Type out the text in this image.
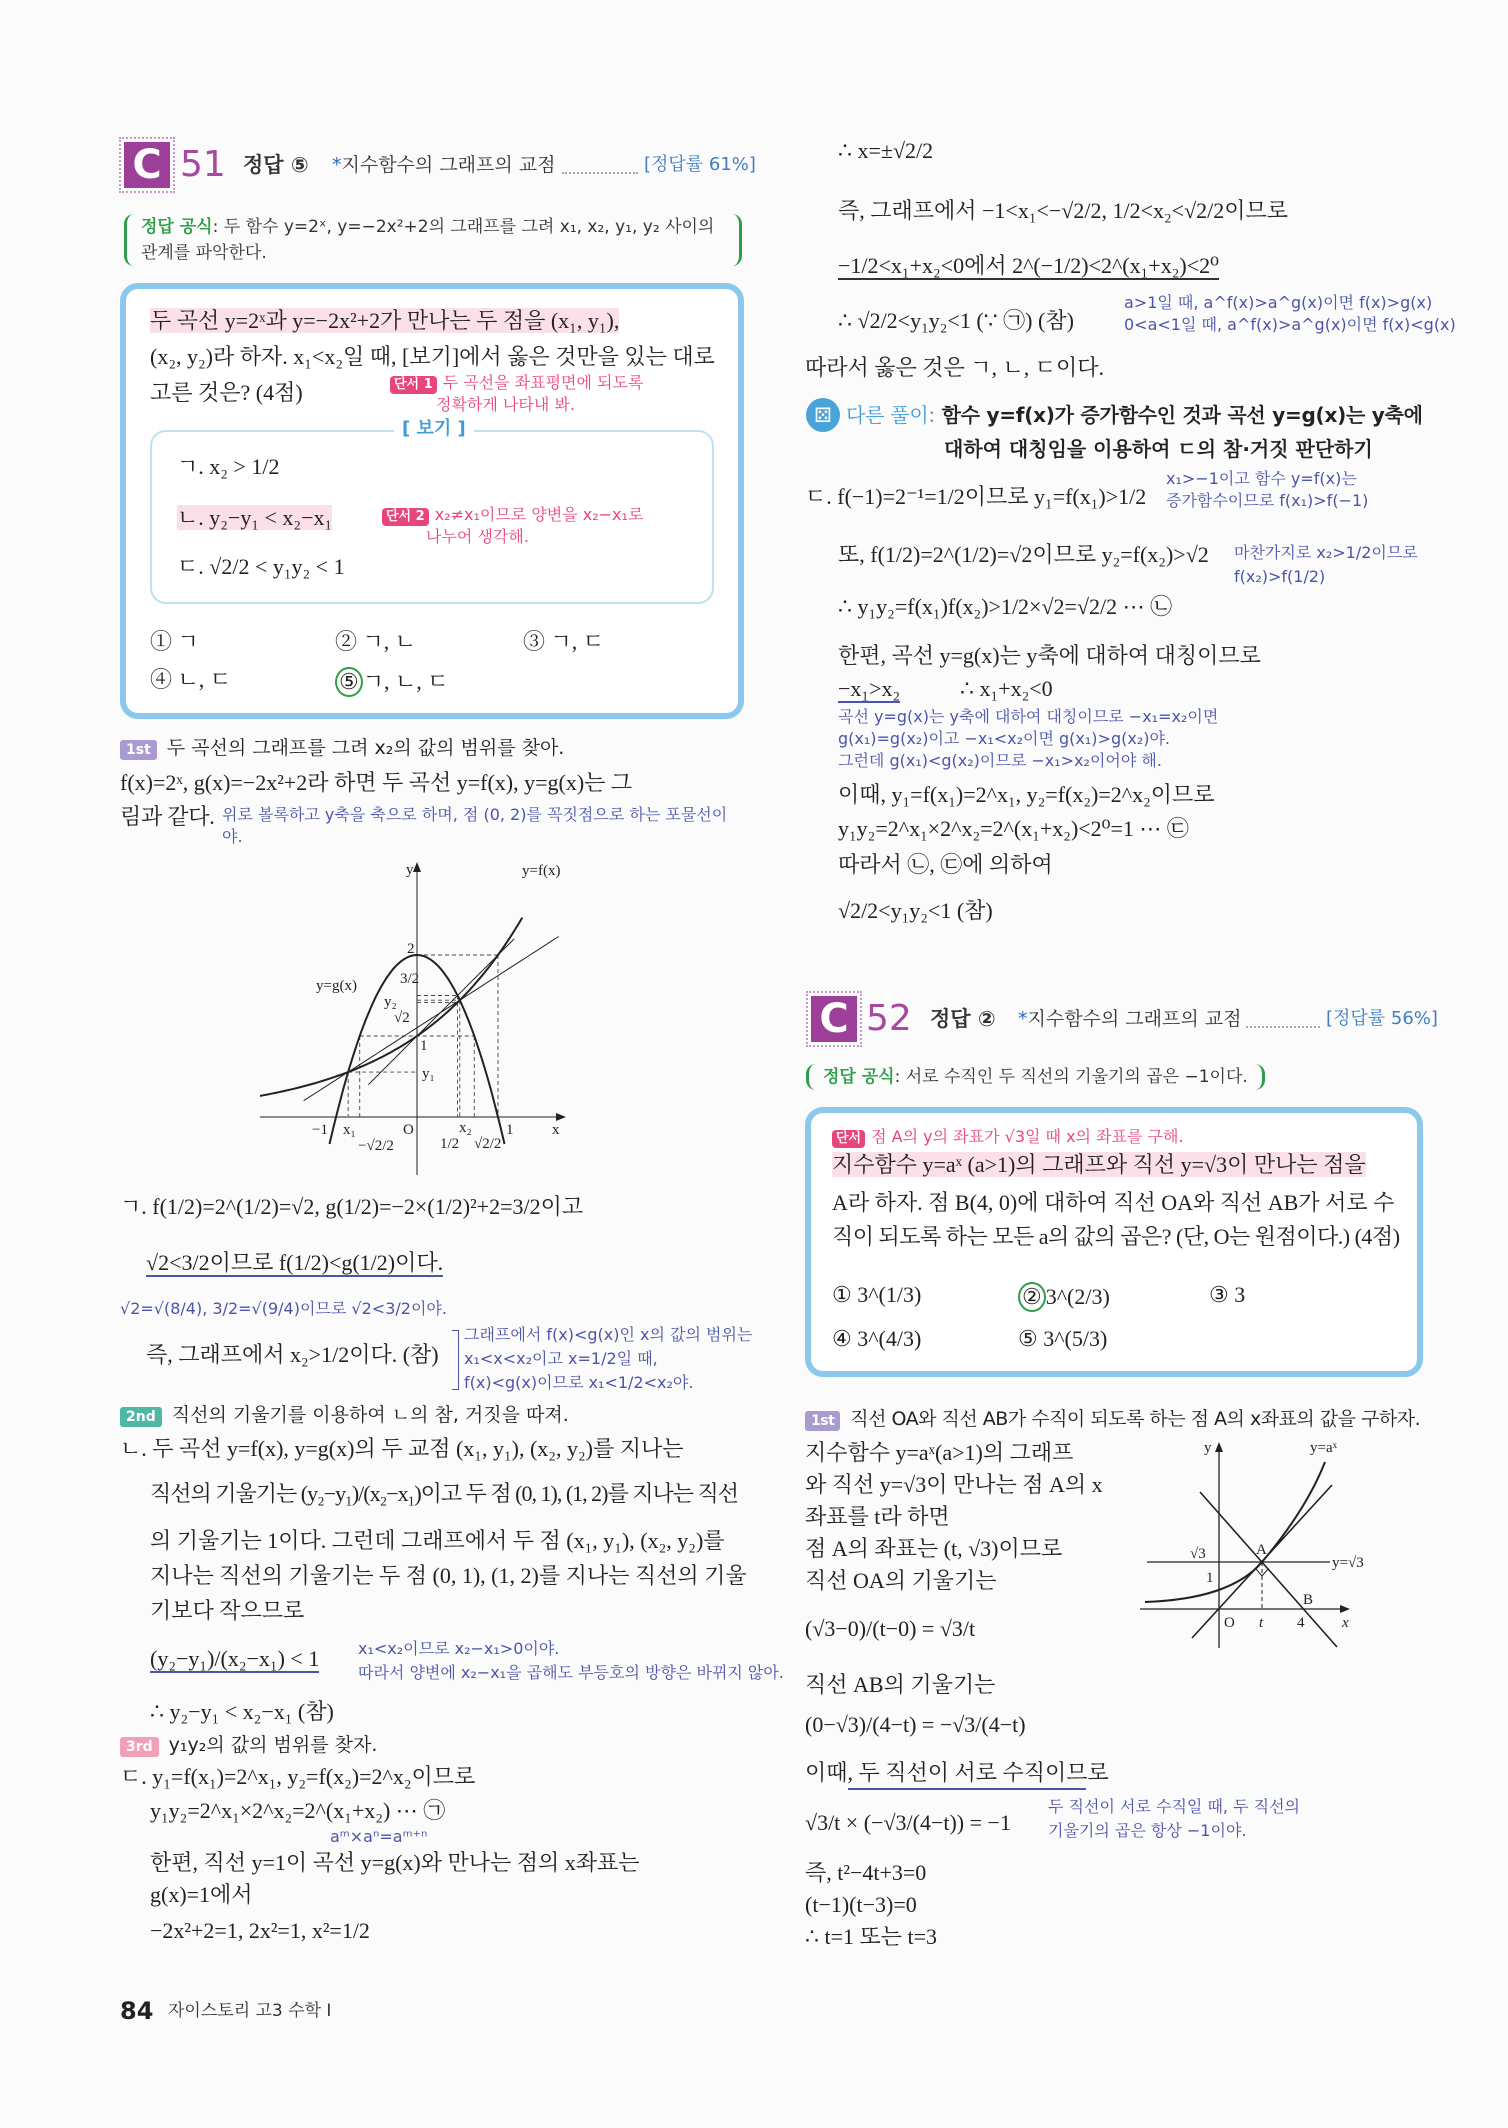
C 51 정답 ⑤ *지수함수의 그래프의 교점	[정답률 61%]
정답 공식: 두 함수 y=2ˣ, y=−2x²+2의 그래프를 그려 x₁, x₂, y₁, y₂ 사이의
관계를 파악한다.
두 곡선 y=2ˣ과 y=−2x²+2가 만나는 두 점을 (x₁, y₁),
(x₂, y₂)라 하자. x₁<x₂일 때, [보기]에서 옳은 것만을 있는 대로
고른 것은? (4점)	단서 1 두 곡선을 좌표평면에 되도록
정확하게 나타내 봐.
[ 보기 ]
ㄱ. x₂ > 1/2
ㄴ. y₂−y₁ < x₂−x₁	단서 2 x₂≠x₁이므로 양변을 x₂−x₁로
나누어 생각해.
ㄷ. √2/2 < y₁y₂ < 1
① ㄱ	② ㄱ, ㄴ	③ ㄱ, ㄷ
④ ㄴ, ㄷ	⑤ ㄱ, ㄴ, ㄷ
1st 두 곡선의 그래프를 그려 x₂의 값의 범위를 찾아.
f(x)=2ˣ, g(x)=−2x²+2라 하면 두 곡선 y=f(x), y=g(x)는 그
림과 같다. 위로 볼록하고 y축을 축으로 하며, 점 (0, 2)를 꼭짓점으로 하는 포물선이야.
y	y=f(x)
y=g(x)
2
3/2
y₂
√2
1
y₁
−1 x₁
−√2/2
O
1/2
x₂
√2/2
1	x
ㄱ. f(1/2)=2^(1/2)=√2, g(1/2)=−2×(1/2)²+2=3/2이고
√2<3/2이므로 f(1/2)<g(1/2)이다.
√2=√(8/4), 3/2=√(9/4)이므로 √2<3/2이야.
즉, 그래프에서 x₂>1/2이다. (참)
그래프에서 f(x)<g(x)인 x의 값의 범위는
x₁<x<x₂이고 x=1/2일 때,
f(x)<g(x)이므로 x₁<1/2<x₂야.
2nd 직선의 기울기를 이용하여 ㄴ의 참, 거짓을 따져.
ㄴ. 두 곡선 y=f(x), y=g(x)의 두 교점 (x₁, y₁), (x₂, y₂)를 지나는
직선의 기울기는 (y₂−y₁)/(x₂−x₁)이고 두 점 (0, 1), (1, 2)를 지나는 직선
의 기울기는 1이다. 그런데 그래프에서 두 점 (x₁, y₁), (x₂, y₂)를
지나는 직선의 기울기는 두 점 (0, 1), (1, 2)를 지나는 직선의 기울
기보다 작으므로
(y₂−y₁)/(x₂−x₁) < 1 x₁<x₂이므로 x₂−x₁>0이야.
따라서 양변에 x₂−x₁을 곱해도 부등호의 방향은 바뀌지 않아.
∴ y₂−y₁ < x₂−x₁ (참)
3rd y₁y₂의 값의 범위를 찾자.
ㄷ. y₁=f(x₁)=2^x₁, y₂=f(x₂)=2^x₂이므로
y₁y₂=2^x₁×2^x₂=2^(x₁+x₂) ⋯ ㉠
aᵐ×aⁿ=aᵐ⁺ⁿ
한편, 직선 y=1이 곡선 y=g(x)와 만나는 점의 x좌표는
g(x)=1에서
−2x²+2=1, 2x²=1, x²=1/2
∴ x=±√2/2
즉, 그래프에서 −1<x₁<−√2/2, 1/2<x₂<√2/2이므로
−1/2<x₁+x₂<0에서 2^(−1/2)<2^(x₁+x₂)<2⁰
∴ √2/2<y₁y₂<1 (∵ ㉠) (참)
a>1일 때, a^f(x)>a^g(x)이면 f(x)>g(x)
0<a<1일 때, a^f(x)>a^g(x)이면 f(x)<g(x)
따라서 옳은 것은 ㄱ, ㄴ, ㄷ이다.
⚄ 다른 풀이: 함수 y=f(x)가 증가함수인 것과 곡선 y=g(x)는 y축에
대하여 대칭임을 이용하여 ㄷ의 참·거짓 판단하기
ㄷ. f(−1)=2⁻¹=1/2이므로 y₁=f(x₁)>1/2
x₁>−1이고 함수 y=f(x)는
증가함수이므로 f(x₁)>f(−1)
또, f(1/2)=2^(1/2)=√2이므로 y₂=f(x₂)>√2 마찬가지로 x₂>1/2이므로
f(x₂)>f(1/2)
∴ y₁y₂=f(x₁)f(x₂)>1/2×√2=√2/2 ⋯ ㉡
한편, 곡선 y=g(x)는 y축에 대하여 대칭이므로
−x₁>x₂	∴ x₁+x₂<0
곡선 y=g(x)는 y축에 대하여 대칭이므로 −x₁=x₂이면
g(x₁)=g(x₂)이고 −x₁<x₂이면 g(x₁)>g(x₂)야.
그런데 g(x₁)<g(x₂)이므로 −x₁>x₂이어야 해.
이때, y₁=f(x₁)=2^x₁, y₂=f(x₂)=2^x₂이므로
y₁y₂=2^x₁×2^x₂=2^(x₁+x₂)<2⁰=1 ⋯ ㉢
따라서 ㉡, ㉢에 의하여
√2/2<y₁y₂<1 (참)
C 52 정답 ② *지수함수의 그래프의 교점	[정답률 56%]
정답 공식: 서로 수직인 두 직선의 기울기의 곱은 −1이다.
단서 점 A의 y의 좌표가 √3일 때 x의 좌표를 구해.
지수함수 y=aˣ (a>1)의 그래프와 직선 y=√3이 만나는 점을
A라 하자. 점 B(4, 0)에 대하여 직선 OA와 직선 AB가 서로 수
직이 되도록 하는 모든 a의 값의 곱은? (단, O는 원점이다.) (4점)
① 3^(1/3)	② 3^(2/3)	③ 3
④ 3^(4/3)	⑤ 3^(5/3)
1st 직선 OA와 직선 AB가 수직이 되도록 하는 점 A의 x좌표의 값을 구하자.
지수함수 y=aˣ(a>1)의 그래프
와 직선 y=√3이 만나는 점 A의 x
좌표를 t라 하면
점 A의 좌표는 (t, √3)이므로
직선 OA의 기울기는
(√3−0)/(t−0) = √3/t
직선 AB의 기울기는
(0−√3)/(4−t) = −√3/(4−t)
이때, 두 직선이 서로 수직이므로
√3/t × (−√3/(4−t)) = −1
두 직선이 서로 수직일 때, 두 직선의
기울기의 곱은 항상 −1이야.
즉, t²−4t+3=0
(t−1)(t−3)=0
∴ t=1 또는 t=3
y	y=aˣ
y=√3
√3
1
A
B
O t 4	x
84 자이스토리 고3 수학 I
